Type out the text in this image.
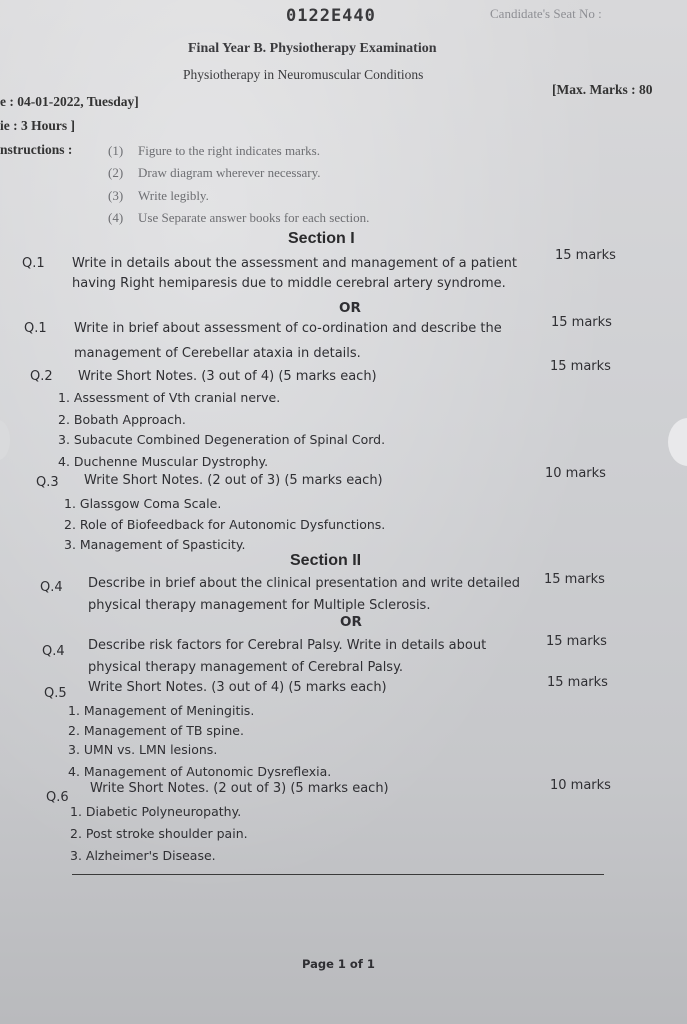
0122E440	Candidate's Seat No :
Final Year B. Physiotherapy Examination
Physiotherapy in Neuromuscular Conditions
e : 04-01-2022, Tuesday]
[Max. Marks : 80
ie : 3 Hours ]
nstructions :	(1) Figure to the right indicates marks.
(2) Draw diagram wherever necessary.
(3) Write legibly.
(4) Use Separate answer books for each section.
Section I
Q.1 Write in details about the assessment and management of a patient
having Right hemiparesis due to middle cerebral artery syndrome.
15 marks
OR
Q.1 Write in brief about assessment of co-ordination and describe the
management of Cerebellar ataxia in details.
15 marks
Q.2 Write Short Notes. (3 out of 4) (5 marks each)
15 marks
1. Assessment of Vth cranial nerve.
2. Bobath Approach.
3. Subacute Combined Degeneration of Spinal Cord.
4. Duchenne Muscular Dystrophy.
Q.3 Write Short Notes. (2 out of 3) (5 marks each)	10 marks
1. Glassgow Coma Scale.
2. Role of Biofeedback for Autonomic Dysfunctions.
3. Management of Spasticity.
Section II
Q.4 Describe in brief about the clinical presentation and write detailed
physical therapy management for Multiple Sclerosis.
15 marks
OR
Q.4 Describe risk factors for Cerebral Palsy. Write in details about
physical therapy management of Cerebral Palsy.
15 marks
Q.5 Write Short Notes. (3 out of 4) (5 marks each)	15 marks
1. Management of Meningitis.
2. Management of TB spine.
3. UMN vs. LMN lesions.
4. Management of Autonomic Dysreflexia.
Q.6
Write Short Notes. (2 out of 3) (5 marks each)	10 marks
1. Diabetic Polyneuropathy.
2. Post stroke shoulder pain.
3. Alzheimer's Disease.
Page 1 of 1
